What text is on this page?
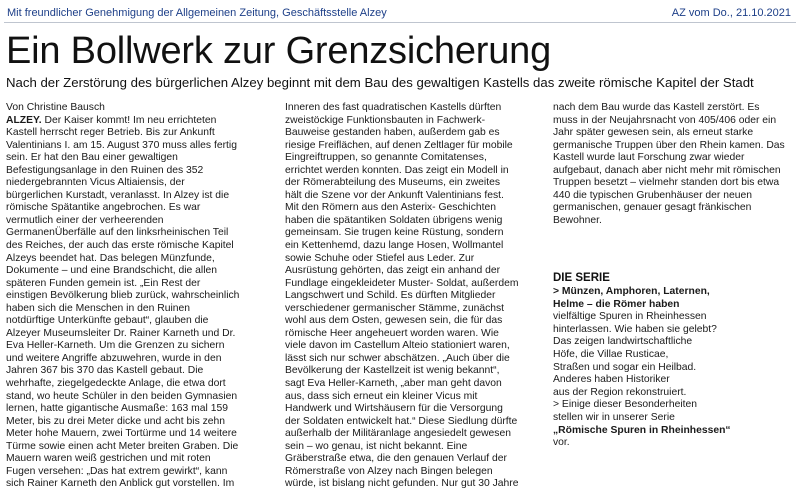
Mit freundlicher Genehmigung der Allgemeinen Zeitung, Geschäftsstelle Alzey	AZ vom Do., 21.10.2021
Ein Bollwerk zur Grenzsicherung

Nach der Zerstörung des bürgerlichen Alzey beginnt mit dem Bau des gewaltigen Kastells das zweite römische Kapitel der Stadt

Von Christine Bausch
ALZEY. Der Kaiser kommt! Im neu errichteten
Kastell herrscht reger Betrieb. Bis zur Ankunft
Valentinians I. am 15. August 370 muss alles fertig
sein. Er hat den Bau einer gewaltigen
Befestigungsanlage in den Ruinen des 352
niedergebrannten Vicus Altiaiensis, der
bürgerlichen Kurstadt, veranlasst. In Alzey ist die
römische Spätantike angebrochen. Es war
vermutlich einer der verheerenden
GermanenÜberfälle auf den linksrheinischen Teil
des Reiches, der auch das erste römische Kapitel
Alzeys beendet hat. Das belegen Münzfunde,
Dokumente – und eine Brandschicht, die allen
späteren Funden gemein ist. „Ein Rest der
einstigen Bevölkerung blieb zurück, wahrscheinlich
haben sich die Menschen in den Ruinen
notdürftige Unterkünfte gebaut“, glauben die
Alzeyer Museumsleiter Dr. Rainer Karneth und Dr.
Eva Heller-Karneth. Um die Grenzen zu sichern
und weitere Angriffe abzuwehren, wurde in den
Jahren 367 bis 370 das Kastell gebaut. Die
wehrhafte, ziegelgedeckte Anlage, die etwa dort
stand, wo heute Schüler in den beiden Gymnasien
lernen, hatte gigantische Ausmaße: 163 mal 159
Meter, bis zu drei Meter dicke und acht bis zehn
Meter hohe Mauern, zwei Tortürme und 14 weitere
Türme sowie einen acht Meter breiten Graben. Die
Mauern waren weiß gestrichen und mit roten
Fugen versehen: „Das hat extrem gewirkt“, kann
sich Rainer Karneth den Anblick gut vorstellen. Im
Inneren des fast quadratischen Kastells dürften
zweistöckige Funktionsbauten in Fachwerk-
Bauweise gestanden haben, außerdem gab es
riesige Freiflächen, auf denen Zeltlager für mobile
Eingreiftruppen, so genannte Comitatenses,
errichtet werden konnten. Das zeigt ein Modell in
der Römerabteilung des Museums, ein zweites
hält die Szene vor der Ankunft Valentinians fest.
Mit den Römern aus den Asterix- Geschichten
haben die spätantiken Soldaten übrigens wenig
gemeinsam. Sie trugen keine Rüstung, sondern
ein Kettenhemd, dazu lange Hosen, Wollmantel
sowie Schuhe oder Stiefel aus Leder. Zur
Ausrüstung gehörten, das zeigt ein anhand der
Fundlage eingekleideter Muster- Soldat, außerdem
Langschwert und Schild. Es dürften Mitglieder
verschiedener germanischer Stämme, zunächst
wohl aus dem Osten, gewesen sein, die für das
römische Heer angeheuert worden waren. Wie
viele davon im Castellum Alteio stationiert waren,
lässt sich nur schwer abschätzen. „Auch über die
Bevölkerung der Kastellzeit ist wenig bekannt“,
sagt Eva Heller-Karneth, „aber man geht davon
aus, dass sich erneut ein kleiner Vicus mit
Handwerk und Wirtshäusern für die Versorgung
der Soldaten entwickelt hat.“ Diese Siedlung dürfte
außerhalb der Militäranlage angesiedelt gewesen
sein – wo genau, ist nicht bekannt. Eine
Gräberstraße etwa, die den genauen Verlauf der
Römerstraße von Alzey nach Bingen belegen
würde, ist bislang nicht gefunden. Nur gut 30 Jahre
nach dem Bau wurde das Kastell zerstört. Es
muss in der Neujahrsnacht von 405/406 oder ein
Jahr später gewesen sein, als erneut starke
germanische Truppen über den Rhein kamen. Das
Kastell wurde laut Forschung zwar wieder
aufgebaut, danach aber nicht mehr mit römischen
Truppen besetzt – vielmehr standen dort bis etwa
440 die typischen Grubenhäuser der neuen
germanischen, genauer gesagt fränkischen
Bewohner.
DIE SERIE
> Münzen, Amphoren, Laternen,
Helme – die Römer haben
vielfältige Spuren in Rheinhessen
hinterlassen. Wie haben sie gelebt?
Das zeigen landwirtschaftliche
Höfe, die Villae Rusticae,
Straßen und sogar ein Heilbad.
Anderes haben Historiker
aus der Region rekonstruiert.
> Einige dieser Besonderheiten
stellen wir in unserer Serie
„Römische Spuren in Rheinhessen“
vor.
